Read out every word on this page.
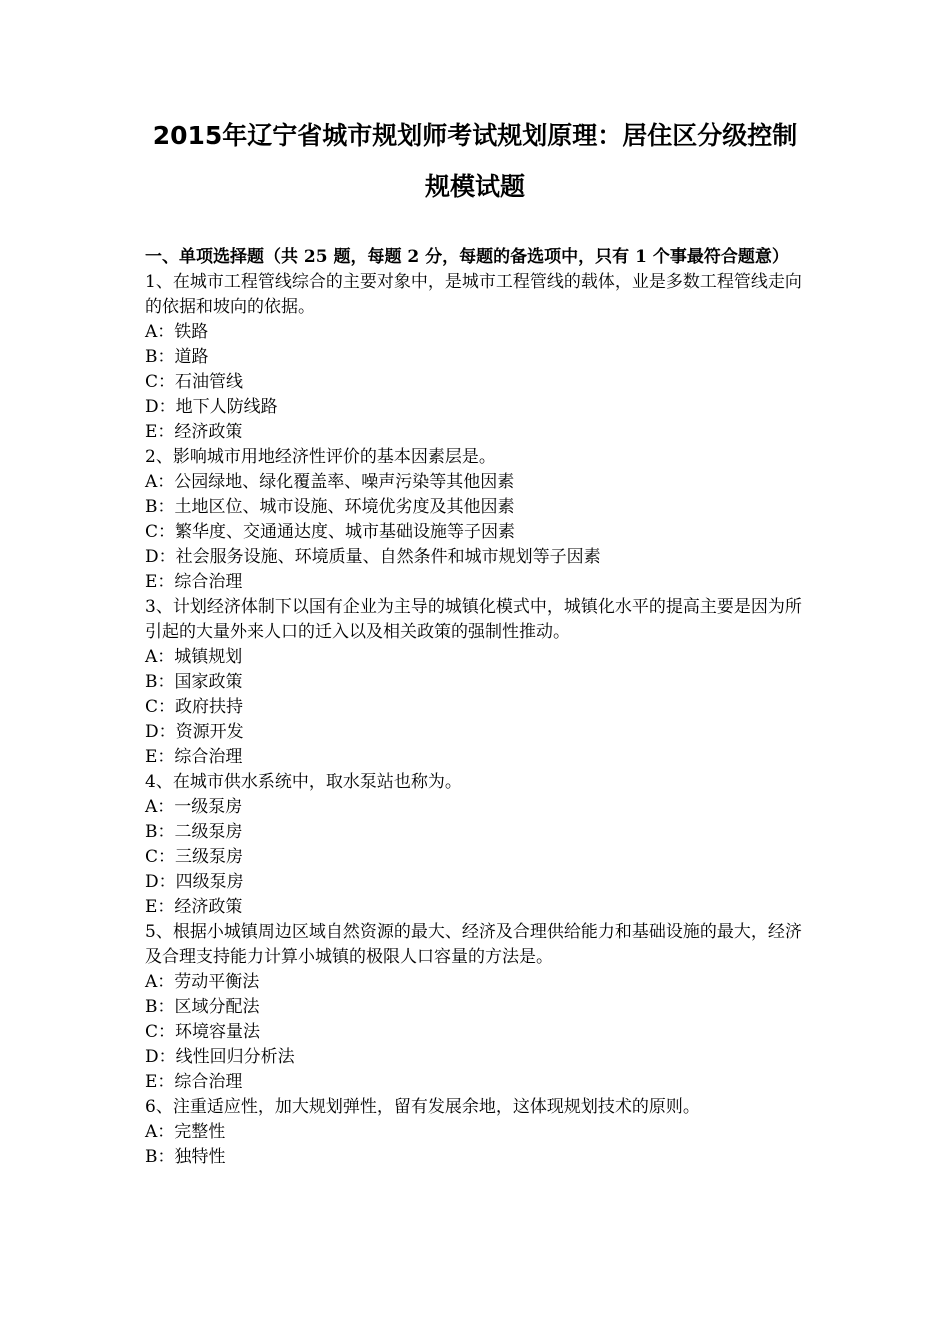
2015年辽宁省城市规划师考试规划原理：居住区分级控制
规模试题

一、单项选择题（共 25 题，每题 2 分，每题的备选项中，只有 1 个事最符合题意）

1、在城市工程管线综合的主要对象中，是城市工程管线的载体，业是多数工程管线走向的依据和坡向的依据。

A：铁路

B：道路

C：石油管线

D：地下人防线路

E：经济政策

2、影响城市用地经济性评价的基本因素层是。

A：公园绿地、绿化覆盖率、噪声污染等其他因素

B：土地区位、城市设施、环境优劣度及其他因素

C：繁华度、交通通达度、城市基础设施等子因素

D：社会服务设施、环境质量、自然条件和城市规划等子因素

E：综合治理

3、计划经济体制下以国有企业为主导的城镇化模式中，城镇化水平的提高主要是因为所引起的大量外来人口的迁入以及相关政策的强制性推动。

A：城镇规划

B：国家政策

C：政府扶持

D：资源开发

E：综合治理

4、在城市供水系统中，取水泵站也称为。

A：一级泵房

B：二级泵房

C：三级泵房

D：四级泵房

E：经济政策

5、根据小城镇周边区域自然资源的最大、经济及合理供给能力和基础设施的最大，经济及合理支持能力计算小城镇的极限人口容量的方法是。

A：劳动平衡法

B：区域分配法

C：环境容量法

D：线性回归分析法

E：综合治理

6、注重适应性，加大规划弹性，留有发展余地，这体现规划技术的原则。

A：完整性

B：独特性
